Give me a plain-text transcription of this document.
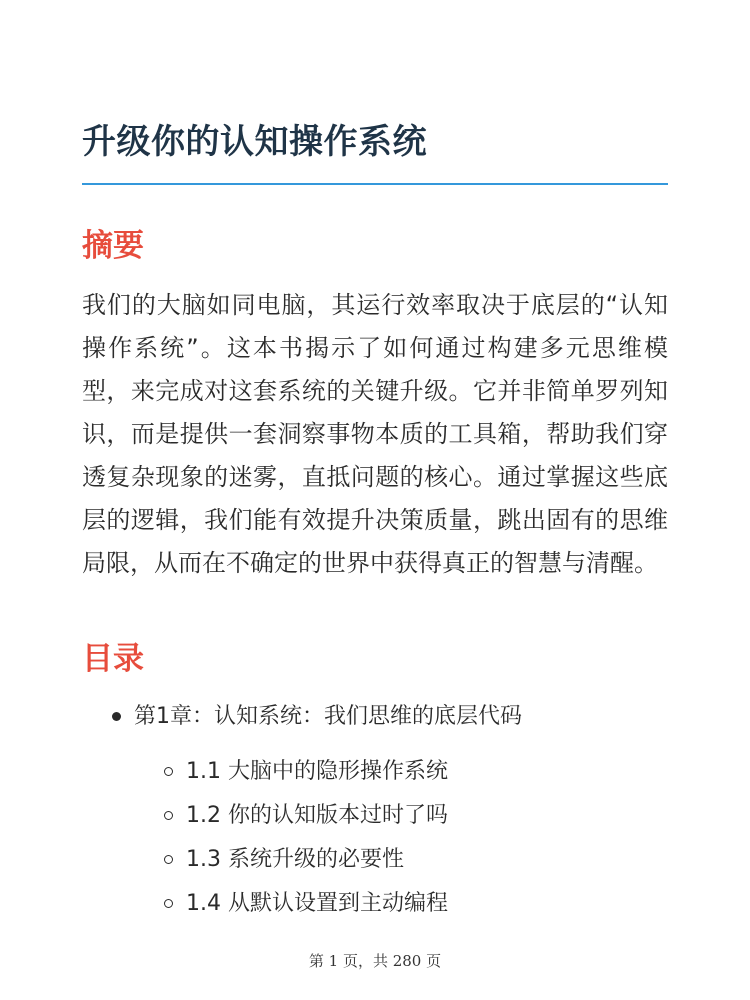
升级你的认知操作系统
摘要

我们的大脑如同电脑，其运行效率取决于底层的“认知操作系统”。这本书揭示了如何通过构建多元思维模型，来完成对这套系统的关键升级。它并非简单罗列知识，而是提供一套洞察事物本质的工具箱，帮助我们穿透复杂现象的迷雾，直抵问题的核心。通过掌握这些底层的逻辑，我们能有效提升决策质量，跳出固有的思维局限，从而在不确定的世界中获得真正的智慧与清醒。

目录
第1章：认知系统：我们思维的底层代码
1.1 大脑中的隐形操作系统
1.2 你的认知版本过时了吗
1.3 系统升级的必要性
1.4 从默认设置到主动编程
第 1 页，共 280 页
